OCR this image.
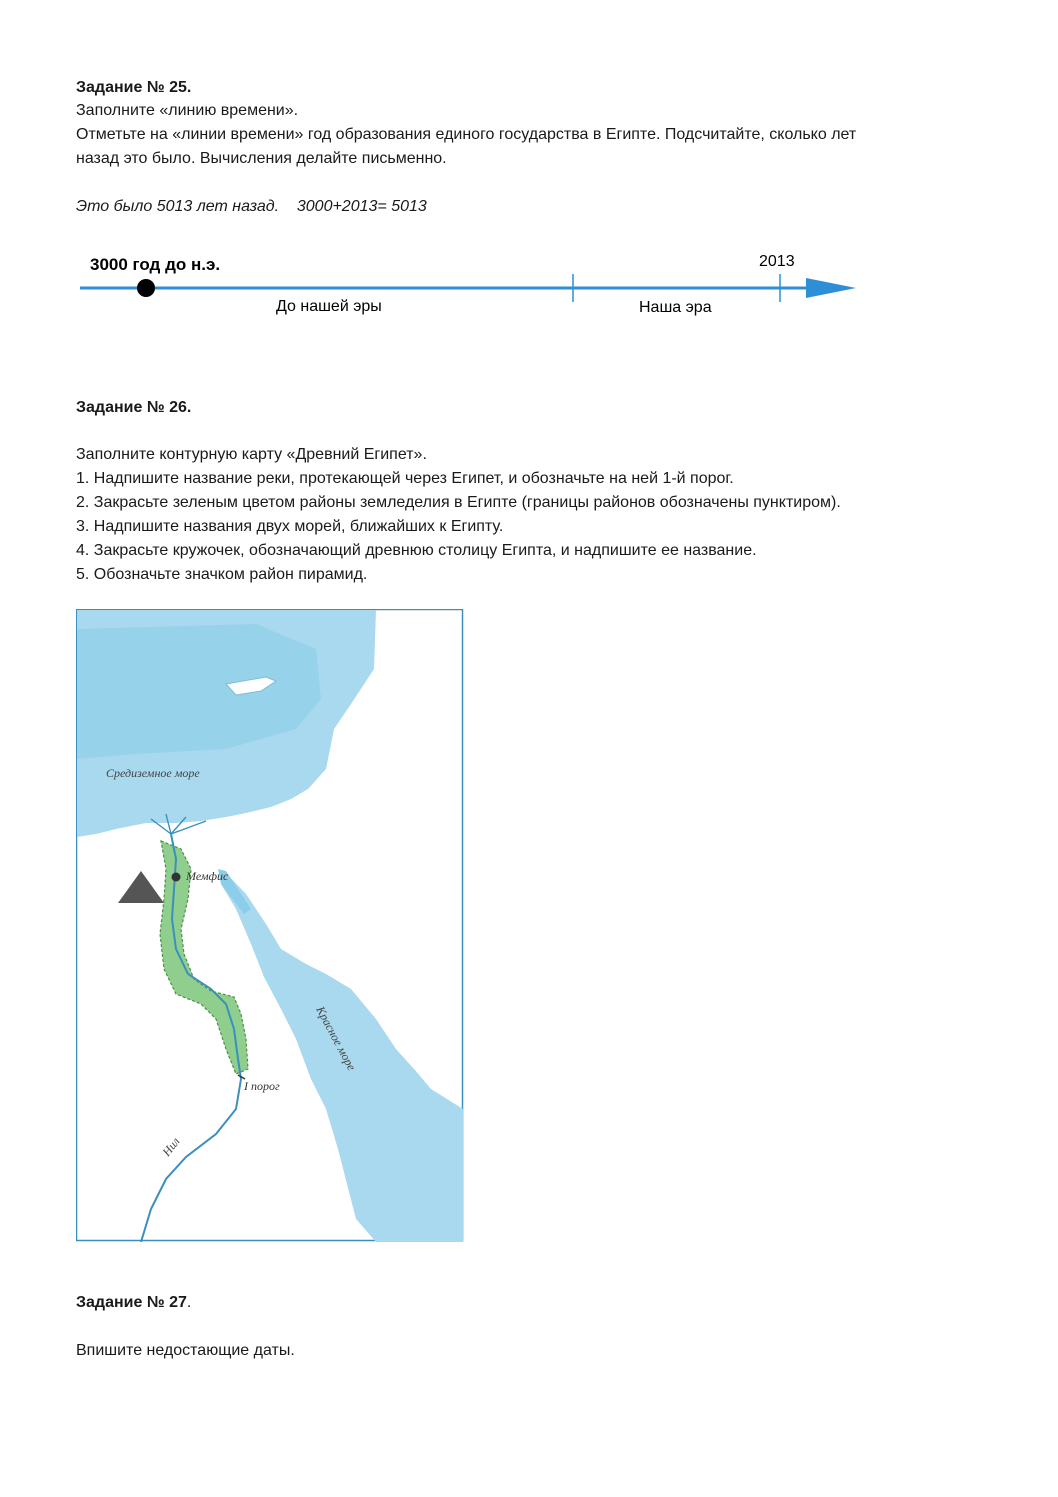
Задание № 25.

Заполните «линию времени».

Отметьте на «линии времени» год образования единого государства в Египте. Подсчитайте, сколько лет

назад это было. Вычисления делайте письменно.

Это было 5013 лет назад.    3000+2013= 5013

3000 год до н.э.	2013
До нашей эры	Наша эра

Задание № 26.

Заполните контурную карту «Древний Египет».

1. Надпишите название реки, протекающей через Египет, и обозначьте на ней 1-й порог.

2. Закрасьте зеленым цветом районы земледелия в Египте (границы районов обозначены пунктиром).

3. Надпишите названия двух морей, ближайших к Египту.

4. Закрасьте кружочек, обозначающий древнюю столицу Египта, и надпишите ее название.

5. Обозначьте значком район пирамид.

Мемфис
Средиземное море
Красное море
I порог
Нил

Задание № 27.

Впишите недостающие даты.
